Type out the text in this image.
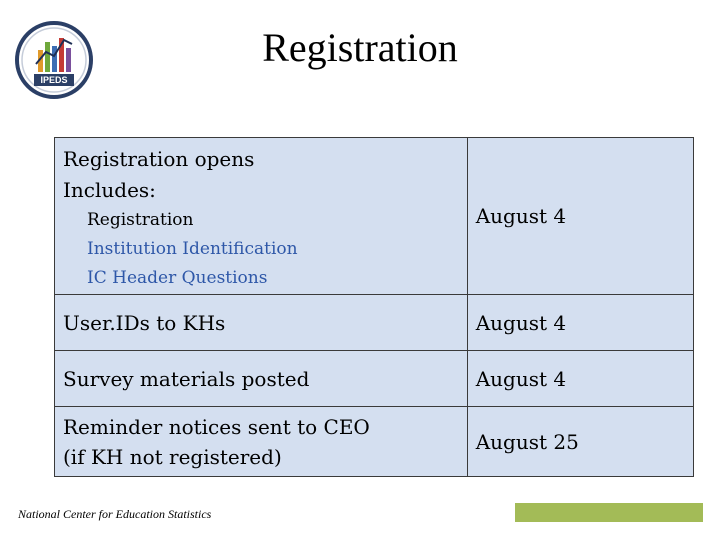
IPEDS
Registration
Registration opens
Includes:
Registration
Institution Identification
IC Header Questions	August 4
User.IDs to KHs	August 4
Survey materials posted	August 4

Reminder notices sent to CEO
(if KH not registered)	August 25
National Center for Education Statistics
